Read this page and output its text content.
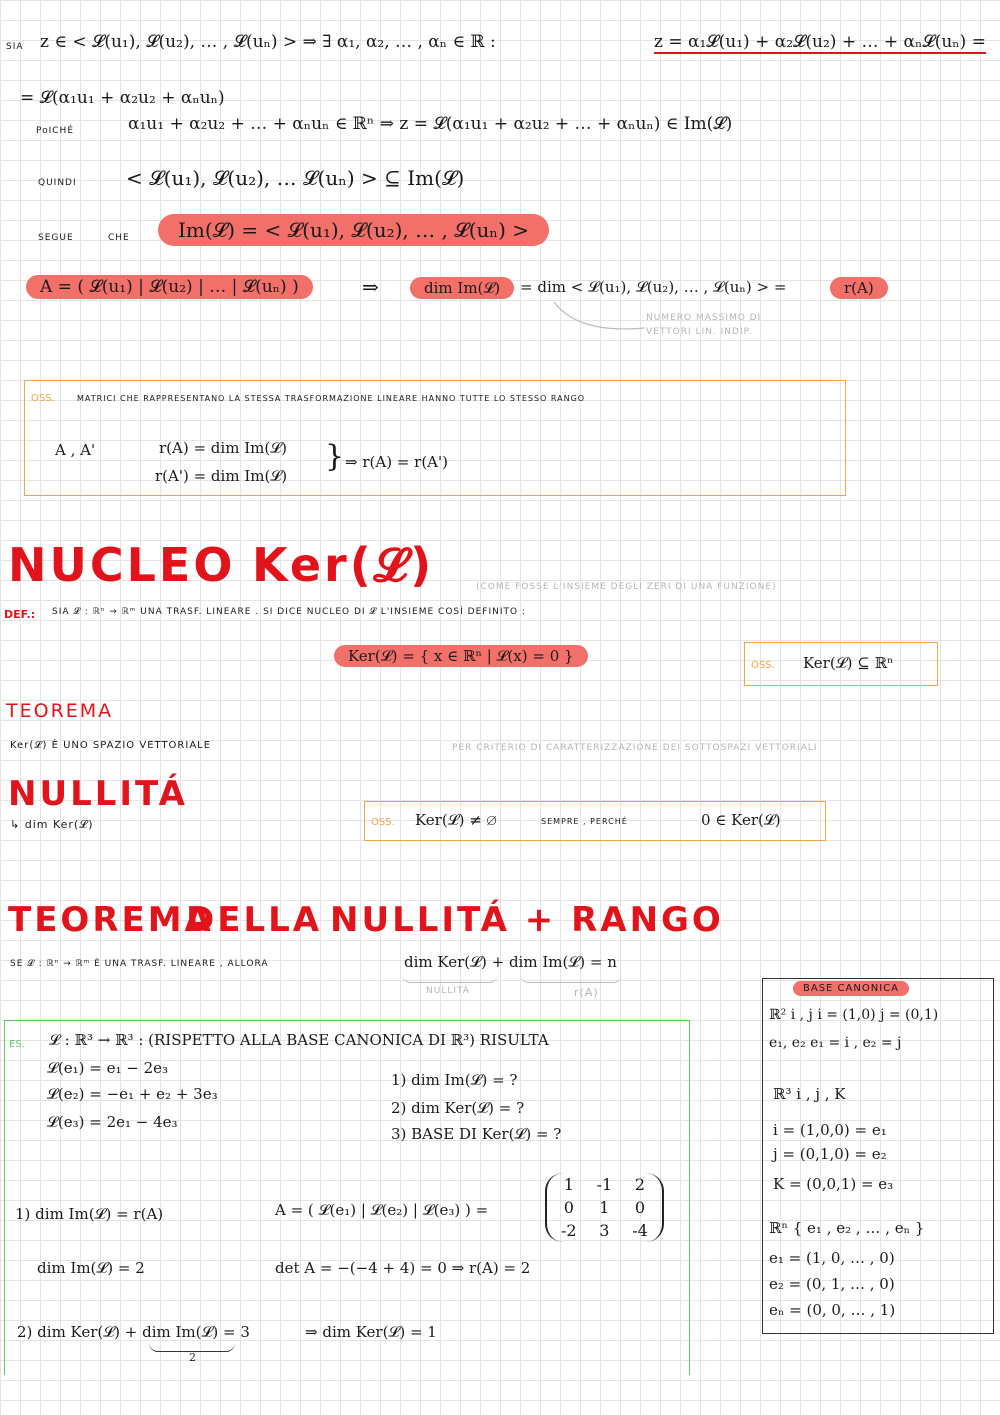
SIA z ∈ < 𝓛(u₁), 𝓛(u₂), … , 𝓛(uₙ) > ⇒ ∃ α₁, α₂, … , αₙ ∈ ℝ :	z = α₁𝓛(u₁) + α₂𝓛(u₂) + … + αₙ𝓛(uₙ) =
= 𝓛(α₁u₁ + α₂u₂ + αₙuₙ)
PoICHÉ	α₁u₁ + α₂u₂ + … + αₙuₙ ∈ ℝⁿ ⇒ z = 𝓛(α₁u₁ + α₂u₂ + … + αₙuₙ) ∈ Im(𝓛)
QUINDI < 𝓛(u₁), 𝓛(u₂), … 𝓛(uₙ) > ⊆ Im(𝓛)
SEGUE	CHE	Im(𝓛) = < 𝓛(u₁), 𝓛(u₂), … , 𝓛(uₙ) >
A = ( 𝓛(u₁) | 𝓛(u₂) | … | 𝓛(uₙ) )	⇒	dim Im(𝓛)	= dim < 𝓛(u₁), 𝓛(u₂), … , 𝓛(uₙ) > =	r(A)
NUMERO MASSIMO DI
VETTORI LIN. INDIP.
OSS.	MATRICI CHE RAPPRESENTANO LA STESSA TRASFORMAZIONE LINEARE HANNO TUTTE LO STESSO RANGO
A , A'	r(A) = dim Im(𝓛)
r(A') = dim Im(𝓛)
} ⇒ r(A) = r(A')
NUCLEO Ker(𝓛)	(COME FOSSE L'INSIEME DEGLI ZERI DI UNA FUNZIONE)
DEF.: SIA 𝓛 : ℝⁿ → ℝᵐ UNA TRASF. LINEARE . SI DICE NUCLEO DI 𝓛 L'INSIEME COSÌ DEFINITO :
Ker(𝓛) = { x ∈ ℝⁿ | 𝓛(x) = 0 }
OSS. Ker(𝓛) ⊆ ℝⁿ
TEOREMA
Ker(𝓛) È UNO SPAZIO VETTORIALE	PER CRITERIO DI CARATTERIZZAZIONE DEI SOTTOSPAZI VETTORIALI
NULLITÁ
↳ dim Ker(𝓛)	OSS. Ker(𝓛) ≠ ∅	SEMPRE , PERCHÉ	0 ∈ Ker(𝓛)
TEOREMA
DELLA NULLITÁ + RANGO
SE 𝓛 : ℝⁿ → ℝᵐ È UNA TRASF. LINEARE , ALLORA	dim Ker(𝓛) + dim Im(𝓛) = n
NULLITÁ	r(A)
ES. 𝓛 : ℝ³ → ℝ³ : (RISPETTO ALLA BASE CANONICA DI ℝ³) RISULTA
𝓛(e₁) = e₁ − 2e₃
𝓛(e₂) = −e₁ + e₂ + 3e₃
𝓛(e₃) = 2e₁ − 4e₃
1) dim Im(𝓛) = ?
2) dim Ker(𝓛) = ?
3) BASE DI Ker(𝓛) = ?
1) dim Im(𝓛) = r(A)	A = ( 𝓛(e₁) | 𝓛(e₂) | 𝓛(e₃) ) =
1	-1	2
0	1	0
-2	3	-4
dim Im(𝓛) = 2	det A = −(−4 + 4) = 0 ⇒ r(A) = 2
2) dim Ker(𝓛) + dim Im(𝓛) = 3
2
⇒ dim Ker(𝓛) = 1
BASE CANONICA
ℝ² i , j i = (1,0) j = (0,1)
e₁, e₂ e₁ = i , e₂ = j
ℝ³ i , j , K
i = (1,0,0) = e₁
j = (0,1,0) = e₂
K = (0,0,1) = e₃
ℝⁿ { e₁ , e₂ , … , eₙ }
e₁ = (1, 0, … , 0)
e₂ = (0, 1, … , 0)
eₙ = (0, 0, … , 1)
